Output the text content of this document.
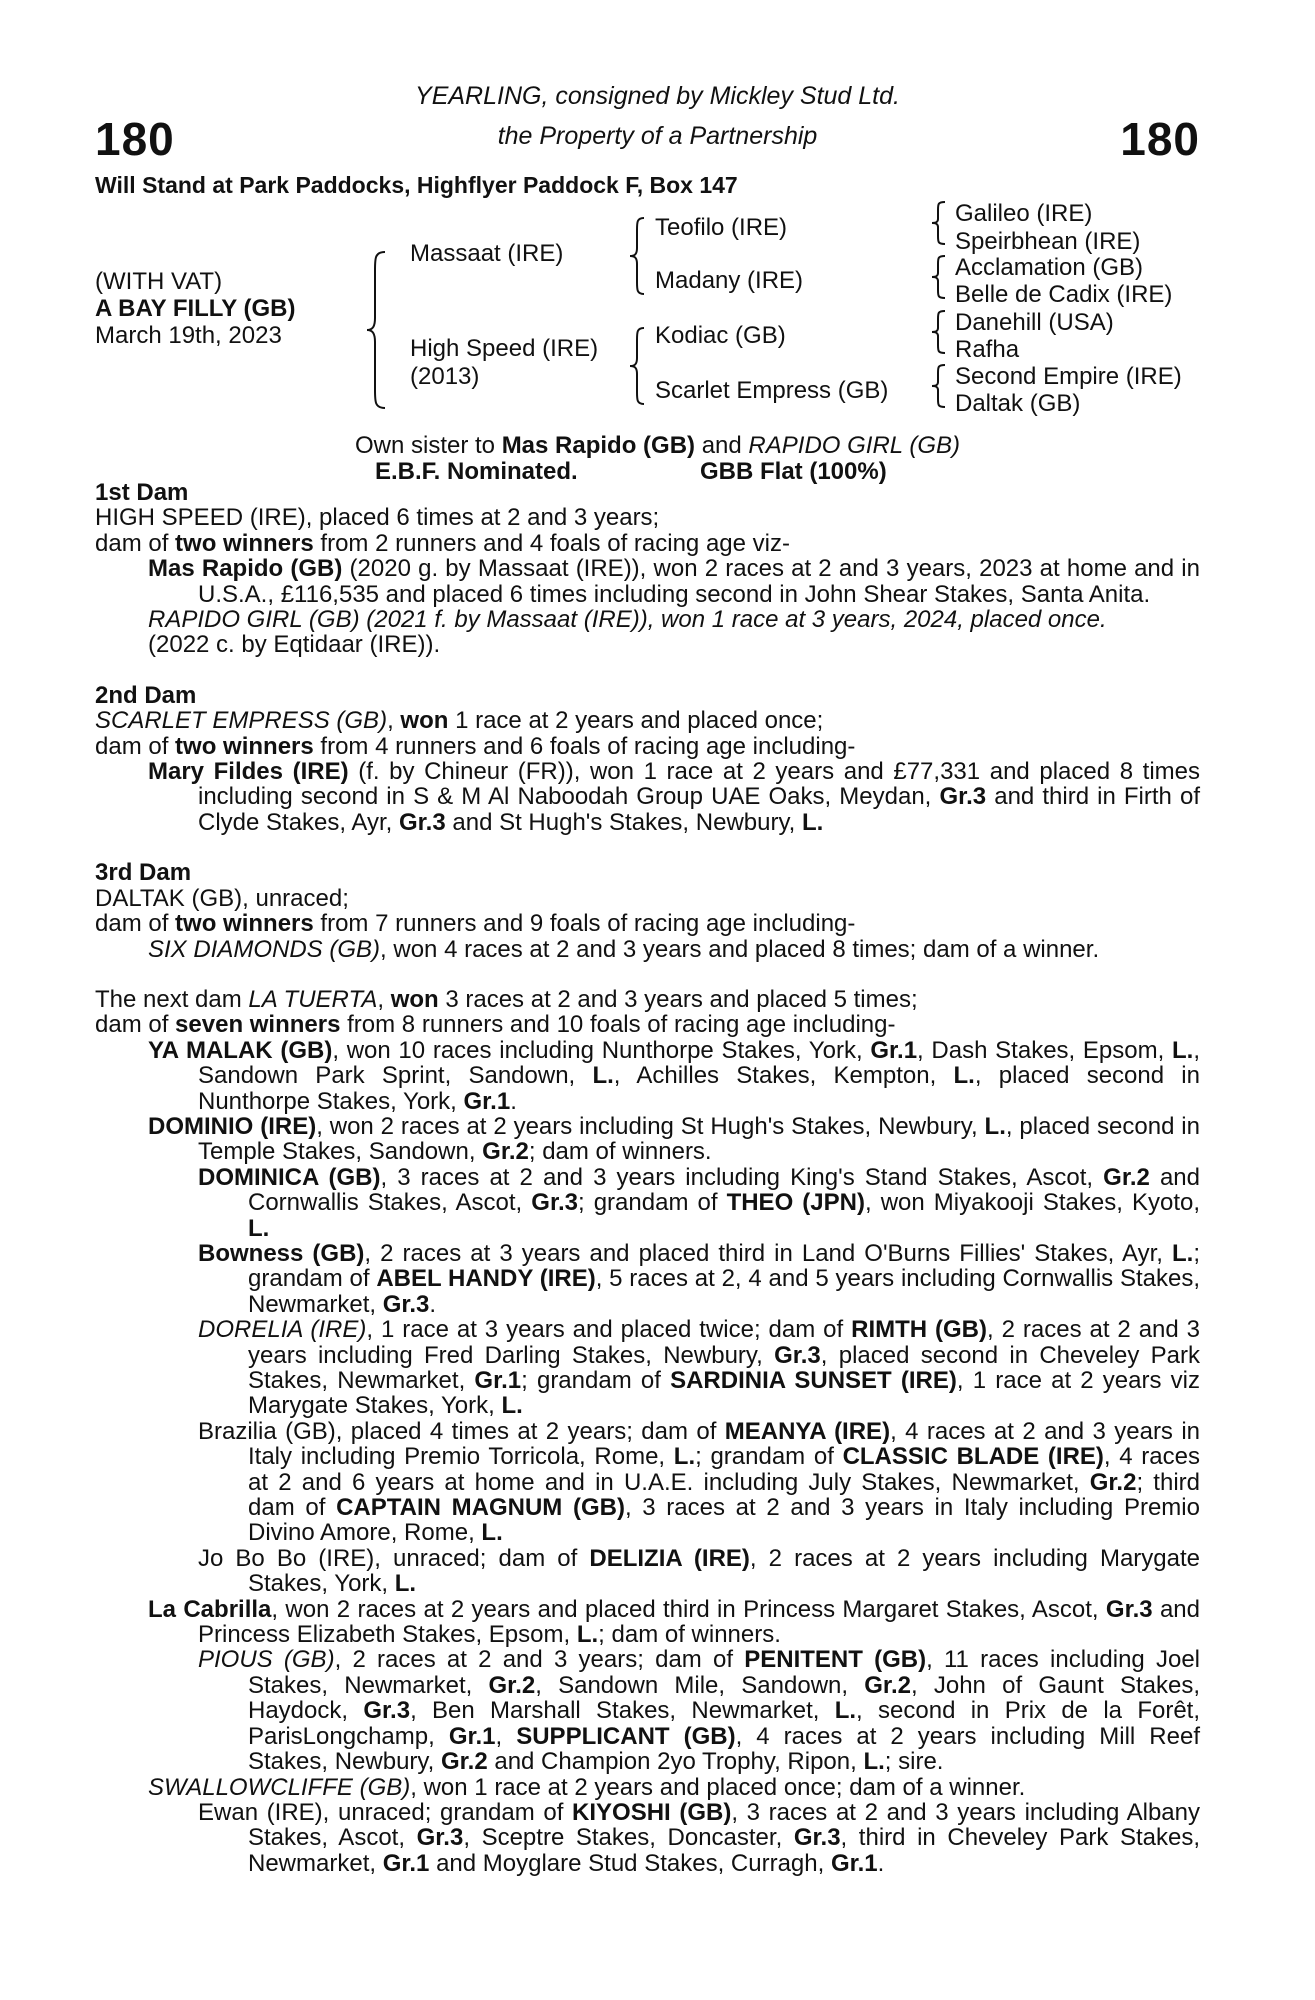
180	180
YEARLING, consigned by Mickley Stud Ltd.
the Property of a Partnership
Will Stand at Park Paddocks, Highflyer Paddock F, Box 147
(WITH VAT)
A BAY FILLY (GB)
March 19th, 2023
Massaat (IRE)
High Speed (IRE)
(2013)
Teofilo (IRE)
Madany (IRE)
Kodiac (GB)
Scarlet Empress (GB)
Galileo (IRE)
Speirbhean (IRE)
Acclamation (GB)
Belle de Cadix (IRE)
Danehill (USA)
Rafha
Second Empire (IRE)
Daltak (GB)
Own sister to Mas Rapido (GB) and RAPIDO GIRL (GB)
E.B.F. Nominated.	GBB Flat (100%)

1st Dam

HIGH SPEED (IRE), placed 6 times at 2 and 3 years;

dam of two winners from 2 runners and 4 foals of racing age viz-

Mas Rapido (GB) (2020 g. by Massaat (IRE)), won 2 races at 2 and 3 years, 2023 at home and in U.S.A., £116,535 and placed 6 times including second in John Shear Stakes, Santa Anita.

RAPIDO GIRL (GB) (2021 f. by Massaat (IRE)), won 1 race at 3 years, 2024, placed once.

(2022 c. by Eqtidaar (IRE)).

2nd Dam

SCARLET EMPRESS (GB), won 1 race at 2 years and placed once;

dam of two winners from 4 runners and 6 foals of racing age including-

Mary Fildes (IRE) (f. by Chineur (FR)), won 1 race at 2 years and £77,331 and placed 8 times including second in S & M Al Naboodah Group UAE Oaks, Meydan, Gr.3 and third in Firth of Clyde Stakes, Ayr, Gr.3 and St Hugh's Stakes, Newbury, L.

3rd Dam

DALTAK (GB), unraced;

dam of two winners from 7 runners and 9 foals of racing age including-

SIX DIAMONDS (GB), won 4 races at 2 and 3 years and placed 8 times; dam of a winner.

The next dam LA TUERTA, won 3 races at 2 and 3 years and placed 5 times;

dam of seven winners from 8 runners and 10 foals of racing age including-

YA MALAK (GB), won 10 races including Nunthorpe Stakes, York, Gr.1, Dash Stakes, Epsom, L., Sandown Park Sprint, Sandown, L., Achilles Stakes, Kempton, L., placed second in Nunthorpe Stakes, York, Gr.1.

DOMINIO (IRE), won 2 races at 2 years including St Hugh's Stakes, Newbury, L., placed second in Temple Stakes, Sandown, Gr.2; dam of winners.

DOMINICA (GB), 3 races at 2 and 3 years including King's Stand Stakes, Ascot, Gr.2 and Cornwallis Stakes, Ascot, Gr.3; grandam of THEO (JPN), won Miyakooji Stakes, Kyoto, L.

Bowness (GB), 2 races at 3 years and placed third in Land O'Burns Fillies' Stakes, Ayr, L.; grandam of ABEL HANDY (IRE), 5 races at 2, 4 and 5 years including Cornwallis Stakes, Newmarket, Gr.3.

DORELIA (IRE), 1 race at 3 years and placed twice; dam of RIMTH (GB), 2 races at 2 and 3 years including Fred Darling Stakes, Newbury, Gr.3, placed second in Cheveley Park Stakes, Newmarket, Gr.1; grandam of SARDINIA SUNSET (IRE), 1 race at 2 years viz Marygate Stakes, York, L.

Brazilia (GB), placed 4 times at 2 years; dam of MEANYA (IRE), 4 races at 2 and 3 years in Italy including Premio Torricola, Rome, L.; grandam of CLASSIC BLADE (IRE), 4 races at 2 and 6 years at home and in U.A.E. including July Stakes, Newmarket, Gr.2; third dam of CAPTAIN MAGNUM (GB), 3 races at 2 and 3 years in Italy including Premio Divino Amore, Rome, L.

Jo Bo Bo (IRE), unraced; dam of DELIZIA (IRE), 2 races at 2 years including Marygate Stakes, York, L.

La Cabrilla, won 2 races at 2 years and placed third in Princess Margaret Stakes, Ascot, Gr.3 and Princess Elizabeth Stakes, Epsom, L.; dam of winners.

PIOUS (GB), 2 races at 2 and 3 years; dam of PENITENT (GB), 11 races including Joel Stakes, Newmarket, Gr.2, Sandown Mile, Sandown, Gr.2, John of Gaunt Stakes, Haydock, Gr.3, Ben Marshall Stakes, Newmarket, L., second in Prix de la Forêt, ParisLongchamp, Gr.1, SUPPLICANT (GB), 4 races at 2 years including Mill Reef Stakes, Newbury, Gr.2 and Champion 2yo Trophy, Ripon, L.; sire.

SWALLOWCLIFFE (GB), won 1 race at 2 years and placed once; dam of a winner.

Ewan (IRE), unraced; grandam of KIYOSHI (GB), 3 races at 2 and 3 years including Albany Stakes, Ascot, Gr.3, Sceptre Stakes, Doncaster, Gr.3, third in Cheveley Park Stakes, Newmarket, Gr.1 and Moyglare Stud Stakes, Curragh, Gr.1.
